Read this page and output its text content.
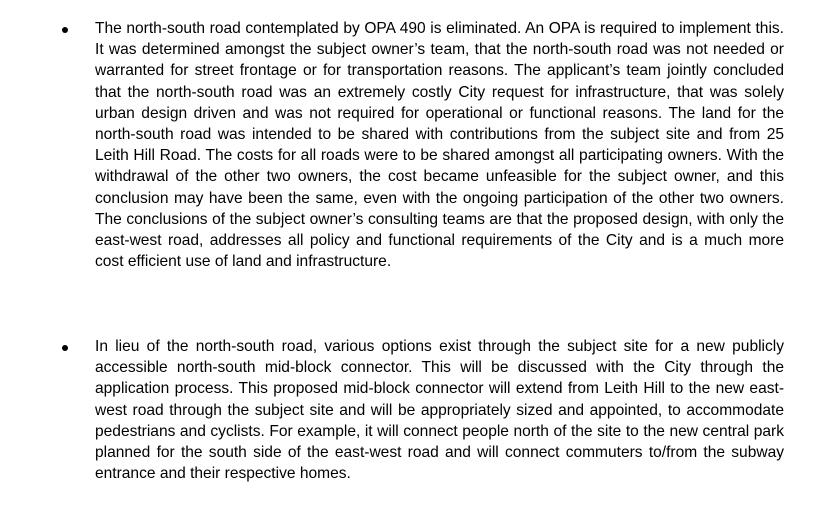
The north-south road contemplated by OPA 490 is eliminated. An OPA is required to implement this. It was determined amongst the subject owner’s team, that the north-south road was not needed or warranted for street frontage or for transportation reasons. The applicant’s team jointly concluded that the north-south road was an extremely costly City request for infrastructure, that was solely urban design driven and was not required for operational or functional reasons. The land for the north-south road was intended to be shared with contributions from the subject site and from 25 Leith Hill Road. The costs for all roads were to be shared amongst all participating owners. With the withdrawal of the other two owners, the cost became unfeasible for the subject owner, and this conclusion may have been the same, even with the ongoing participation of the other two owners. The conclusions of the subject owner’s consulting teams are that the proposed design, with only the east-west road, addresses all policy and functional requirements of the City and is a much more cost efficient use of land and infrastructure.

In lieu of the north-south road, various options exist through the subject site for a new publicly accessible north-south mid-block connector. This will be discussed with the City through the application process. This proposed mid-block connector will extend from Leith Hill to the new east-west road through the subject site and will be appropriately sized and appointed, to accommodate pedestrians and cyclists. For example, it will connect people north of the site to the new central park planned for the south side of the east-west road and will connect commuters to/from the subway entrance and their respective homes.
